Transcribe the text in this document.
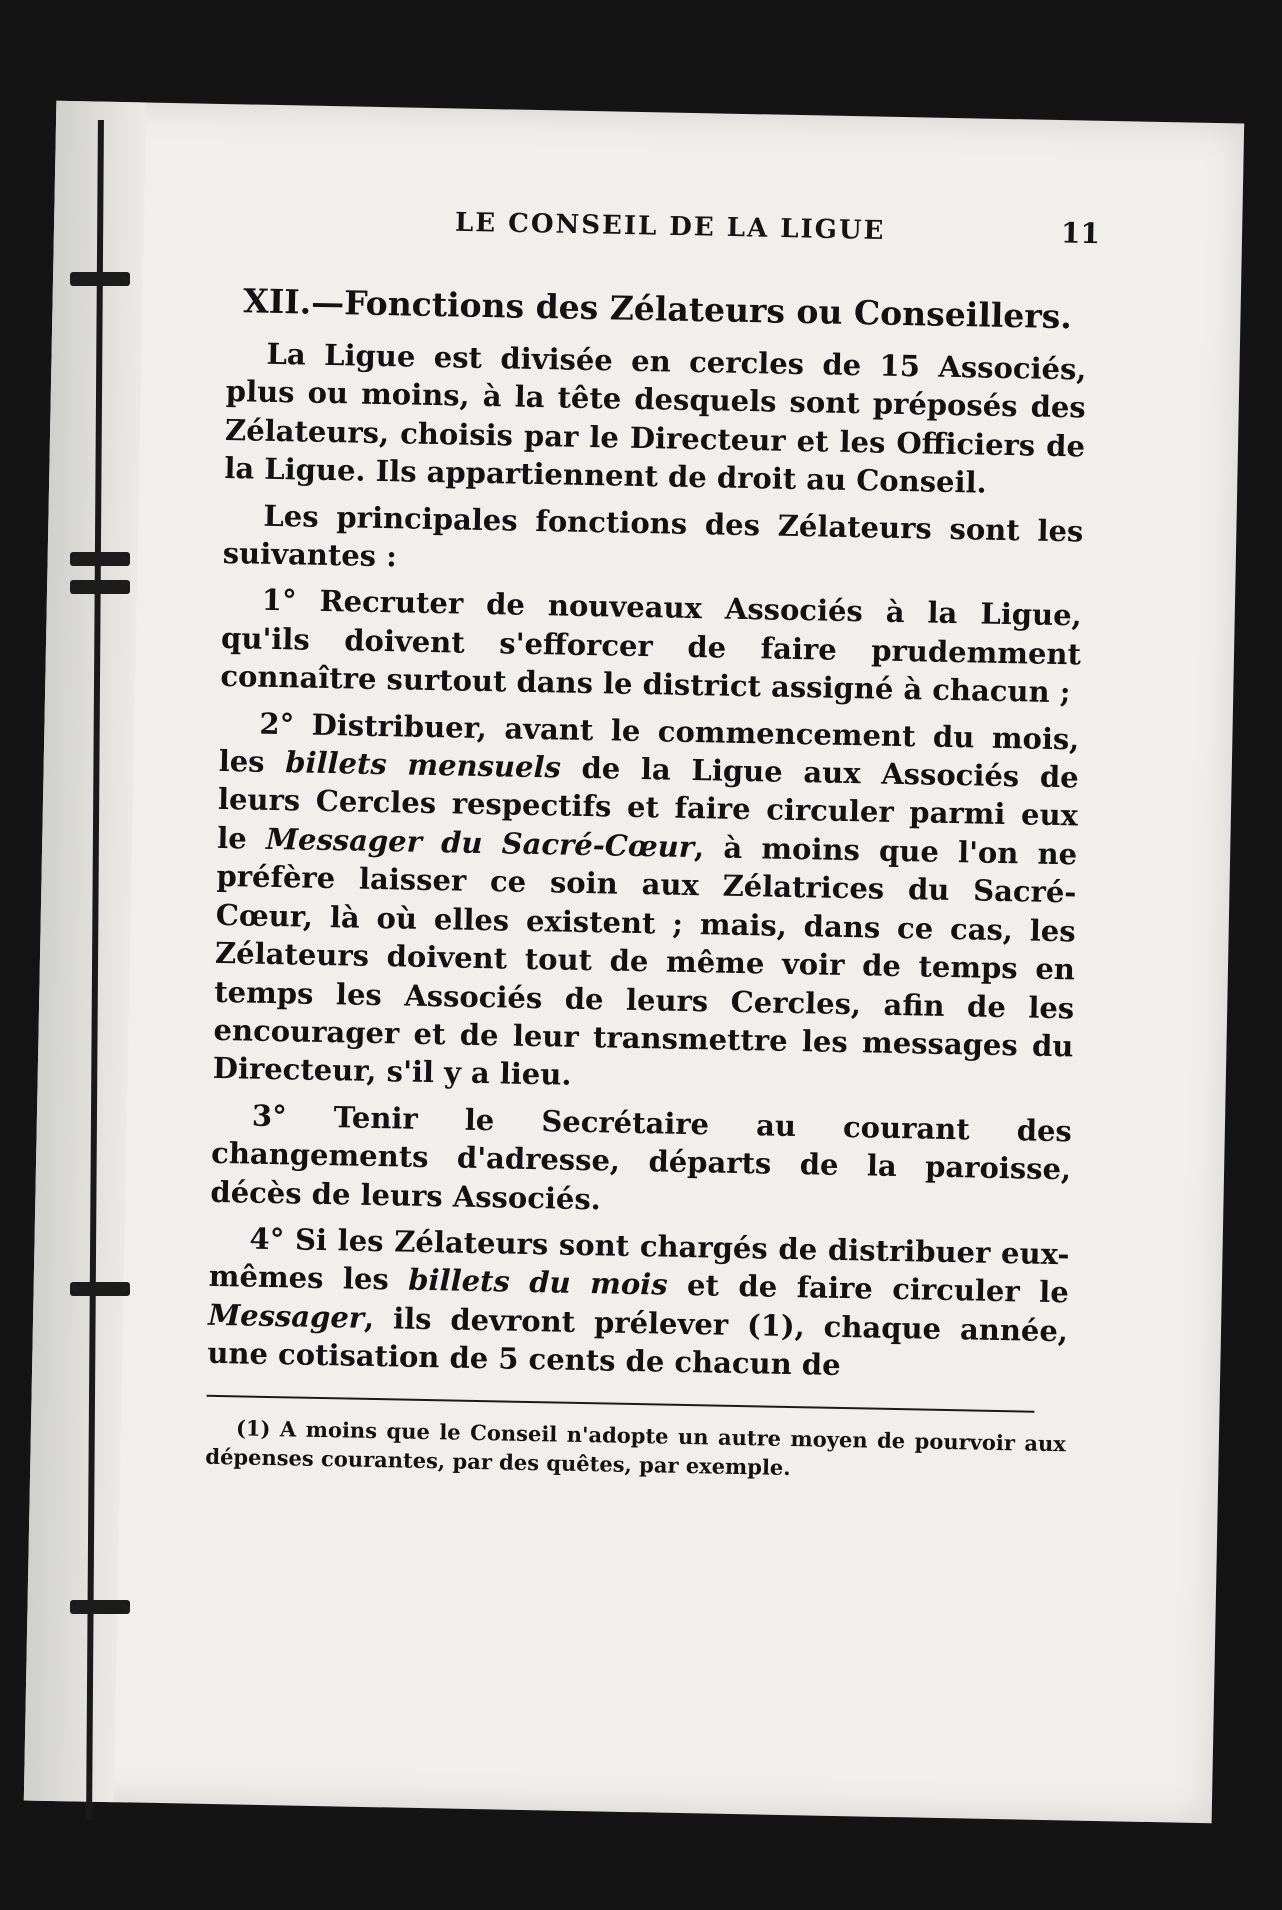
LE CONSEIL DE LA LIGUE	11
XII.—Fonctions des Zélateurs ou Conseillers.

La Ligue est divisée en cercles de 15 Associés, plus ou moins, à la tête desquels sont préposés des Zélateurs, choisis par le Directeur et les Officiers de la Ligue. Ils appartiennent de droit au Conseil.

Les principales fonctions des Zélateurs sont les suivantes :

1° Recruter de nouveaux Associés à la Ligue, qu'ils doivent s'efforcer de faire prudemment connaître surtout dans le district assigné à chacun ;

2° Distribuer, avant le commencement du mois, les billets mensuels de la Ligue aux Associés de leurs Cercles respectifs et faire circuler parmi eux le Messager du Sacré-Cœur, à moins que l'on ne préfère laisser ce soin aux Zélatrices du Sacré-Cœur, là où elles existent ; mais, dans ce cas, les Zélateurs doivent tout de même voir de temps en temps les Associés de leurs Cercles, afin de les encourager et de leur transmettre les messages du Directeur, s'il y a lieu.

3° Tenir le Secrétaire au courant des changements d'adresse, départs de la paroisse, décès de leurs Associés.

4° Si les Zélateurs sont chargés de distribuer eux-mêmes les billets du mois et de faire circuler le Messager, ils devront prélever (1), chaque année, une cotisation de 5 cents de chacun de

(1) A moins que le Conseil n'adopte un autre moyen de pourvoir aux dépenses courantes, par des quêtes, par exemple.
